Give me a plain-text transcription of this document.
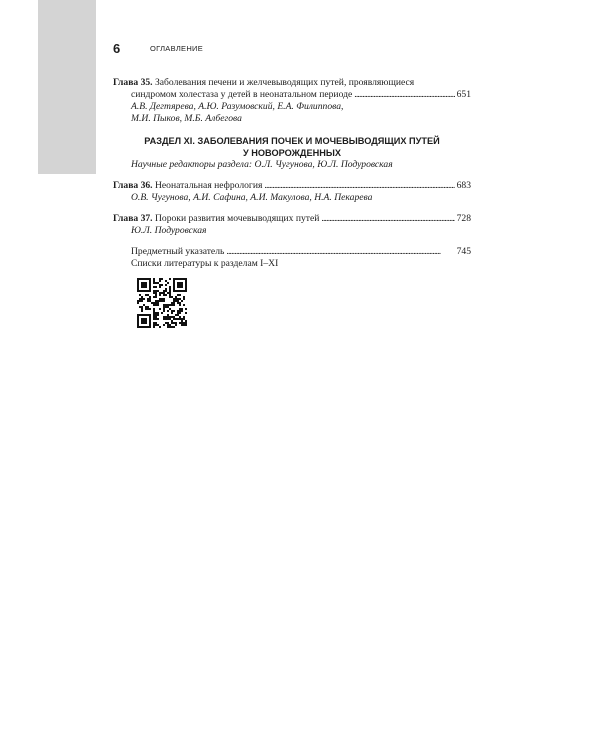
6	ОГЛАВЛЕНИЕ
Глава 35. Заболевания печени и желчевыводящих путей, проявляющиеся
синдромом холестаза у детей в неонатальном периоде . . .	651
А.В. Дегтярева, А.Ю. Разумовский, Е.А. Филиппова,
М.И. Пыков, М.Б. Албегова
РАЗДЕЛ XI. ЗАБОЛЕВАНИЯ ПОЧЕК И МОЧЕВЫВОДЯЩИХ ПУТЕЙ
У НОВОРОЖДЕННЫХ
Научные редакторы раздела: О.Л. Чугунова, Ю.Л. Подуровская
Глава 36. Неонатальная нефрология . . .	683
О.В. Чугунова, А.И. Сафина, А.И. Макулова, Н.А. Пекарева
Глава 37. Пороки развития мочевыводящих путей . . .	728
Ю.Л. Подуровская
Предметный указатель . . .	745
Списки литературы к разделам I–XI
